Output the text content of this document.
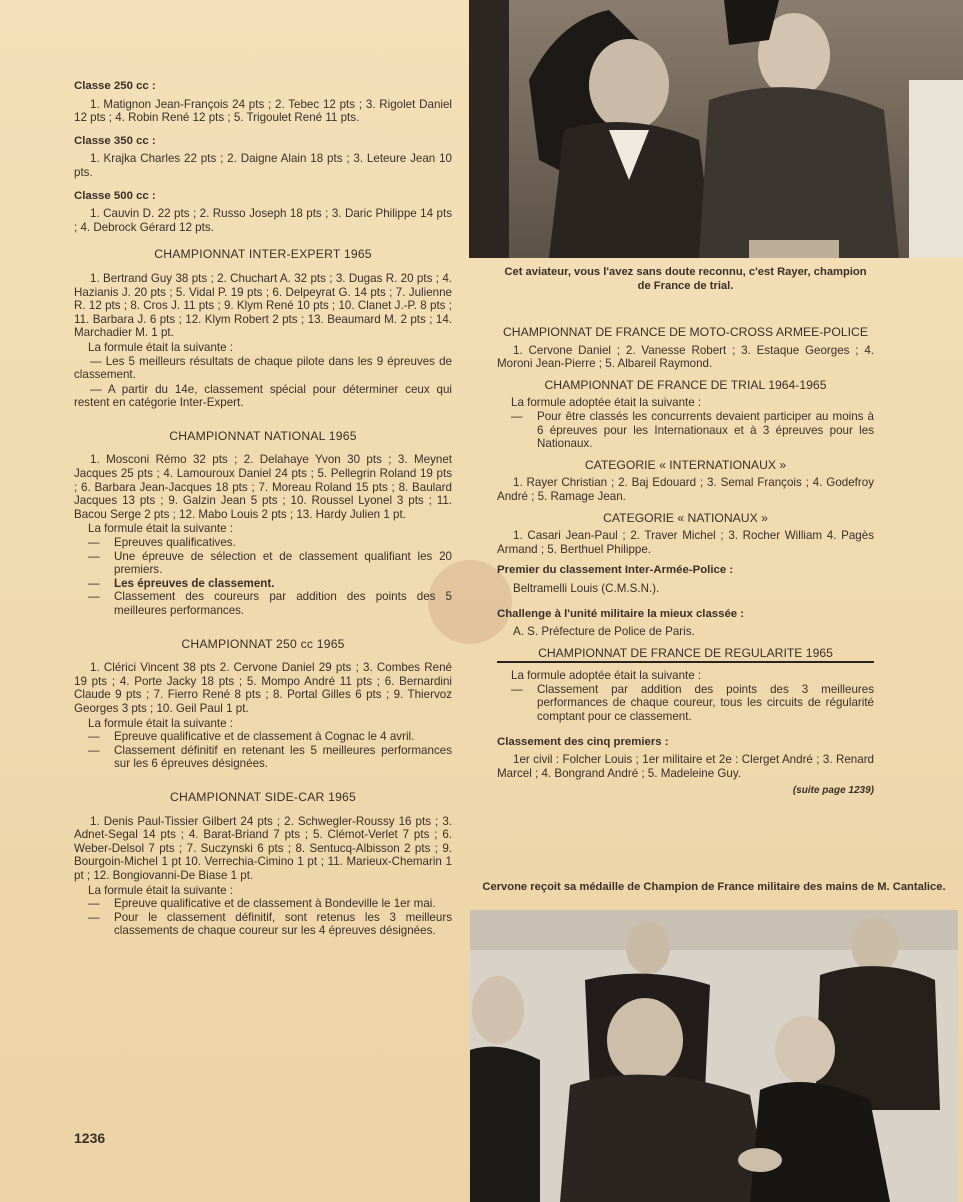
Classe 250 cc :
1. Matignon Jean-François 24 pts ; 2. Tebec 12 pts ; 3. Rigolet Daniel 12 pts ; 4. Robin René 12 pts ; 5. Trigoulet René 11 pts.
Classe 350 cc :
1. Krajka Charles 22 pts ; 2. Daigne Alain 18 pts ; 3. Leteure Jean 10 pts.
Classe 500 cc :
1. Cauvin D. 22 pts ; 2. Russo Joseph 18 pts ; 3. Daric Philippe 14 pts ; 4. Debrock Gérard 12 pts.
CHAMPIONNAT INTER-EXPERT 1965
1. Bertrand Guy 38 pts ; 2. Chuchart A. 32 pts ; 3. Dugas R. 20 pts ; 4. Hazianis J. 20 pts ; 5. Vidal P. 19 pts ; 6. Delpeyrat G. 14 pts ; 7. Julienne R. 12 pts ; 8. Cros J. 11 pts ; 9. Klym René 10 pts ; 10. Clanet J.-P. 8 pts ; 11. Barbara J. 6 pts ; 12. Klym Robert 2 pts ; 13. Beaumard M. 2 pts ; 14. Marchadier M. 1 pt.
La formule était la suivante :
— Les 5 meilleurs résultats de chaque pilote dans les 9 épreuves de classement.
— A partir du 14e, classement spécial pour déterminer ceux qui restent en catégorie Inter-Expert.
CHAMPIONNAT NATIONAL 1965
1. Mosconi Rémo 32 pts ; 2. Delahaye Yvon 30 pts ; 3. Meynet Jacques 25 pts ; 4. Lamouroux Daniel 24 pts ; 5. Pellegrin Roland 19 pts ; 6. Barbara Jean-Jacques 18 pts ; 7. Moreau Roland 15 pts ; 8. Baulard Jacques 13 pts ; 9. Galzin Jean 5 pts ; 10. Roussel Lyonel 3 pts ; 11. Bacou Serge 2 pts ; 12. Mabo Louis 2 pts ; 13. Hardy Julien 1 pt.
La formule était la suivante :
—	Epreuves qualificatives.
—	Une épreuve de sélection et de classement qualifiant les 20 premiers.
—	Les épreuves de classement.
—	Classement des coureurs par addition des points des 5 meilleures performances.
CHAMPIONNAT 250 cc 1965
1. Clérici Vincent 38 pts 2. Cervone Daniel 29 pts ; 3. Combes René 19 pts ; 4. Porte Jacky 18 pts ; 5. Mompo André 11 pts ; 6. Bernardini Claude 9 pts ; 7. Fierro René 8 pts ; 8. Portal Gilles 6 pts ; 9. Thiervoz Georges 3 pts ; 10. Geil Paul 1 pt.
La formule était la suivante :
—	Epreuve qualificative et de classement à Cognac le 4 avril.
—	Classement définitif en retenant les 5 meilleures performances sur les 6 épreuves désignées.
CHAMPIONNAT SIDE-CAR 1965
1. Denis Paul-Tissier Gilbert 24 pts ; 2. Schwegler-Roussy 16 pts ; 3. Adnet-Segal 14 pts ; 4. Barat-Briand 7 pts ; 5. Clémot-Verlet 7 pts ; 6. Weber-Delsol 7 pts ; 7. Suczynski 6 pts ; 8. Sentucq-Albisson 2 pts ; 9. Bourgoin-Michel 1 pt 10. Verrechia-Cimino 1 pt ; 11. Marieux-Chemarin 1 pt ; 12. Bongiovanni-De Biase 1 pt.
La formule était la suivante :
—	Epreuve qualificative et de classement à Bondeville le 1er mai.
—	Pour le classement définitif, sont retenus les 3 meilleurs classements de chaque coureur sur les 4 épreuves désignées.
1236
Cet aviateur, vous l'avez sans doute reconnu, c'est Rayer, champion de France de trial.
CHAMPIONNAT DE FRANCE DE MOTO-CROSS ARMEE-POLICE
1. Cervone Daniel ; 2. Vanesse Robert ; 3. Estaque Georges ; 4. Moroni Jean-Pierre ; 5. Albareil Raymond.
CHAMPIONNAT DE FRANCE DE TRIAL 1964-1965
La formule adoptée était la suivante :
—	Pour être classés les concurrents devaient participer au moins à 6 épreuves pour les Internationaux et à 3 épreuves pour les Nationaux.
CATEGORIE « INTERNATIONAUX »
1. Rayer Christian ; 2. Baj Edouard ; 3. Semal François ; 4. Godefroy André ; 5. Ramage Jean.
CATEGORIE « NATIONAUX »
1. Casari Jean-Paul ; 2. Traver Michel ; 3. Rocher William 4. Pagès Armand ; 5. Berthuel Philippe.
Premier du classement Inter-Armée-Police :
Beltramelli Louis (C.M.S.N.).
Challenge à l'unité militaire la mieux classée :
A. S. Préfecture de Police de Paris.
CHAMPIONNAT DE FRANCE DE REGULARITE 1965
La formule adoptée était la suivante :
—	Classement par addition des points des 3 meilleures performances de chaque coureur, tous les circuits de régularité comptant pour ce classement.
Classement des cinq premiers :
1er civil : Folcher Louis ; 1er militaire et 2e : Clerget André ; 3. Renard Marcel ; 4. Bongrand André ; 5. Madeleine Guy.
(suite page 1239)
Cervone reçoit sa médaille de Champion de France militaire des mains de M. Cantalice.
